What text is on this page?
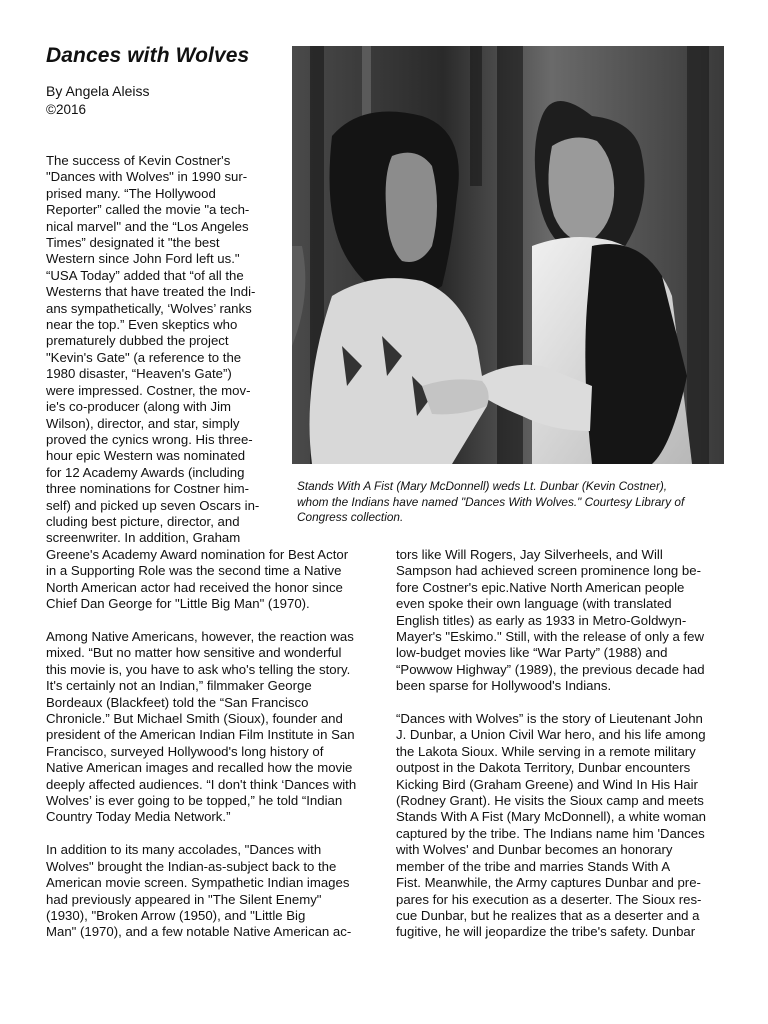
Dances with Wolves
By Angela Aleiss
©2016
The success of Kevin Costner's
"Dances with Wolves" in 1990 sur-
prised many. “The Hollywood
Reporter” called the movie "a tech-
nical marvel" and the “Los Angeles
Times” designated it "the best
Western since John Ford left us."
“USA Today” added that “of all the
Westerns that have treated the Indi-
ans sympathetically, ‘Wolves’ ranks
near the top.” Even skeptics who
prematurely dubbed the project
"Kevin's Gate" (a reference to the
1980 disaster, “Heaven's Gate”)
were impressed. Costner, the mov-
ie's co-producer (along with Jim
Wilson), director, and star, simply
proved the cynics wrong. His three-
hour epic Western was nominated
for 12 Academy Awards (including
three nominations for Costner him-
self) and picked up seven Oscars in-
cluding best picture, director, and
screenwriter. In addition, Graham
Stands With A Fist (Mary McDonnell) weds Lt. Dunbar (Kevin Costner),
whom the Indians have named "Dances With Wolves." Courtesy Library of
Congress collection.
Greene's Academy Award nomination for Best Actor
in a Supporting Role was the second time a Native
North American actor had received the honor since
Chief Dan George for "Little Big Man" (1970).
Among Native Americans, however, the reaction was
mixed. “But no matter how sensitive and wonderful
this movie is, you have to ask who's telling the story.
It's certainly not an Indian,” filmmaker George
Bordeaux (Blackfeet) told the “San Francisco
Chronicle.” But Michael Smith (Sioux), founder and
president of the American Indian Film Institute in San
Francisco, surveyed Hollywood's long history of
Native American images and recalled how the movie
deeply affected audiences. “I don't think ‘Dances with
Wolves’ is ever going to be topped,” he told “Indian
Country Today Media Network.”
In addition to its many accolades, "Dances with
Wolves" brought the Indian-as-subject back to the
American movie screen. Sympathetic Indian images
had previously appeared in "The Silent Enemy"
(1930), "Broken Arrow (1950), and "Little Big
Man" (1970), and a few notable Native American ac-
tors like Will Rogers, Jay Silverheels, and Will
Sampson had achieved screen prominence long be-
fore Costner's epic.Native North American people
even spoke their own language (with translated
English titles) as early as 1933 in Metro-Goldwyn-
Mayer's "Eskimo." Still, with the release of only a few
low-budget movies like “War Party” (1988) and
“Powwow Highway” (1989), the previous decade had
been sparse for Hollywood's Indians.
“Dances with Wolves” is the story of Lieutenant John
J. Dunbar, a Union Civil War hero, and his life among
the Lakota Sioux. While serving in a remote military
outpost in the Dakota Territory, Dunbar encounters
Kicking Bird (Graham Greene) and Wind In His Hair
(Rodney Grant). He visits the Sioux camp and meets
Stands With A Fist (Mary McDonnell), a white woman
captured by the tribe. The Indians name him 'Dances
with Wolves' and Dunbar becomes an honorary
member of the tribe and marries Stands With A
Fist. Meanwhile, the Army captures Dunbar and pre-
pares for his execution as a deserter. The Sioux res-
cue Dunbar, but he realizes that as a deserter and a
fugitive, he will jeopardize the tribe's safety. Dunbar
